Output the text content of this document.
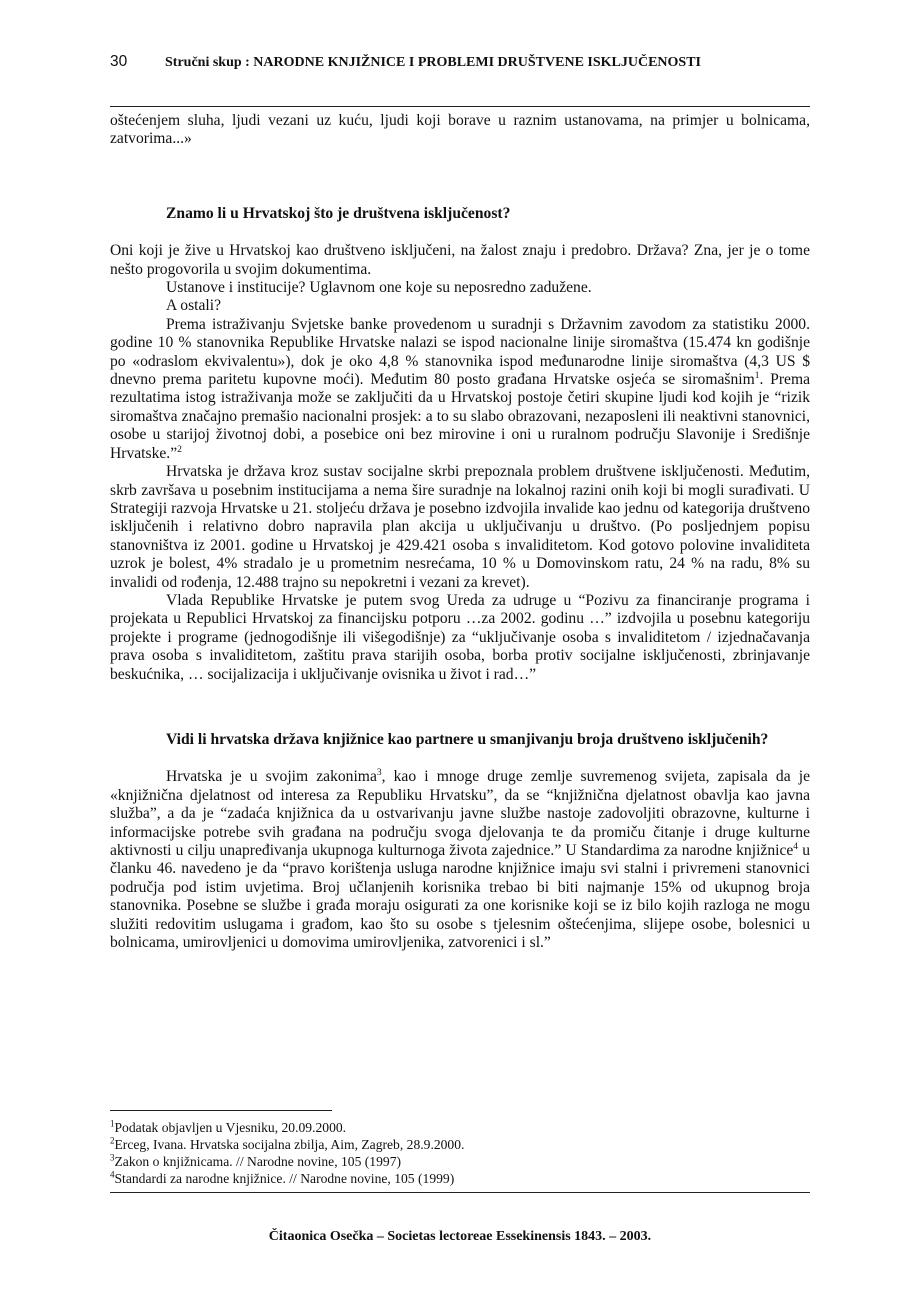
30	Stručni skup : NARODNE KNJIŽNICE I PROBLEMI DRUŠTVENE ISKLJUČENOSTI

oštećenjem sluha, ljudi vezani uz kuću, ljudi koji borave u raznim ustanovama, na primjer u bolnicama, zatvorima...»

Znamo li u Hrvatskoj što je društvena isključenost?

Oni koji je žive u Hrvatskoj kao društveno isključeni, na žalost znaju i predobro. Država? Zna, jer je o tome nešto progovorila u svojim dokumentima.

Ustanove i institucije? Uglavnom one koje su neposredno zadužene.

A ostali?

Prema istraživanju Svjetske banke provedenom u suradnji s Državnim zavodom za statistiku 2000. godine 10 % stanovnika Republike Hrvatske nalazi se ispod nacionalne linije siromaštva (15.474 kn godišnje po «odraslom ekvivalentu»), dok je oko 4,8 % stanovnika ispod međunarodne linije siromaštva (4,3 US $ dnevno prema paritetu kupovne moći). Međutim 80 posto građana Hrvatske osjeća se siromašnim$^1$. Prema rezultatima istog istraživanja može se zaključiti da u Hrvatskoj postoje četiri skupine ljudi kod kojih je “rizik siromaštva značajno premašio nacionalni prosjek: a to su slabo obrazovani, nezaposleni ili neaktivni stanovnici, osobe u starijoj životnoj dobi, a posebice oni bez mirovine i oni u ruralnom području Slavonije i Središnje Hrvatske.”$^2$

Hrvatska je država kroz sustav socijalne skrbi prepoznala problem društvene isključenosti. Međutim, skrb završava u posebnim institucijama a nema šire suradnje na lokalnoj razini onih koji bi mogli surađivati. U Strategiji razvoja Hrvatske u 21. stoljeću država je posebno izdvojila invalide kao jednu od kategorija društveno isključenih i relativno dobro napravila plan akcija u uključivanju u društvo. (Po posljednjem popisu stanovništva iz 2001. godine u Hrvatskoj je 429.421 osoba s invaliditetom. Kod gotovo polovine invaliditeta uzrok je bolest, 4% stradalo je u prometnim nesrećama, 10 % u Domovinskom ratu, 24 % na radu, 8% su invalidi od rođenja, 12.488 trajno su nepokretni i vezani za krevet).

Vlada Republike Hrvatske je putem svog Ureda za udruge u “Pozivu za financiranje programa i projekata u Republici Hrvatskoj za financijsku potporu …za 2002. godinu …” izdvojila u posebnu kategoriju projekte i programe (jednogodišnje ili višegodišnje) za “uključivanje osoba s invaliditetom / izjednačavanja prava osoba s invaliditetom, zaštitu prava starijih osoba, borba protiv socijalne isključenosti, zbrinjavanje beskućnika, … socijalizacija i uključivanje ovisnika u život i rad…”

Vidi li hrvatska država knjižnice kao partnere u smanjivanju broja društveno isključenih?

Hrvatska je u svojim zakonima$^3$, kao i mnoge druge zemlje suvremenog svijeta, zapisala da je «knjižnična djelatnost od interesa za Republiku Hrvatsku”, da se “knjižnična djelatnost obavlja kao javna služba”, a da je “zadaća knjižnica da u ostvarivanju javne službe nastoje zadovoljiti obrazovne, kulturne i informacijske potrebe svih građana na području svoga djelovanja te da promiču čitanje i druge kulturne aktivnosti u cilju unapređivanja ukupnoga kulturnoga života zajednice.” U Standardima za narodne knjižnice$^4$ u članku 46. navedeno je da “pravo korištenja usluga narodne knjižnice imaju svi stalni i privremeni stanovnici područja pod istim uvjetima. Broj učlanjenih korisnika trebao bi biti najmanje 15% od ukupnog broja stanovnika. Posebne se službe i građa moraju osigurati za one korisnike koji se iz bilo kojih razloga ne mogu služiti redovitim uslugama i građom, kao što su osobe s tjelesnim oštećenjima, slijepe osobe, bolesnici u bolnicama, umirovljenici u domovima umirovljenika, zatvorenici i sl.”

$^1$Podatak objavljen u Vjesniku, 20.09.2000.
$^2$Erceg, Ivana. Hrvatska socijalna zbilja, Aim, Zagreb, 28.9.2000.
$^3$Zakon o knjižnicama. // Narodne novine, 105 (1997)
$^4$Standardi za narodne knjižnice. // Narodne novine, 105 (1999)
Čitaonica Osečka – Societas lectoreae Essekinensis 1843. – 2003.
